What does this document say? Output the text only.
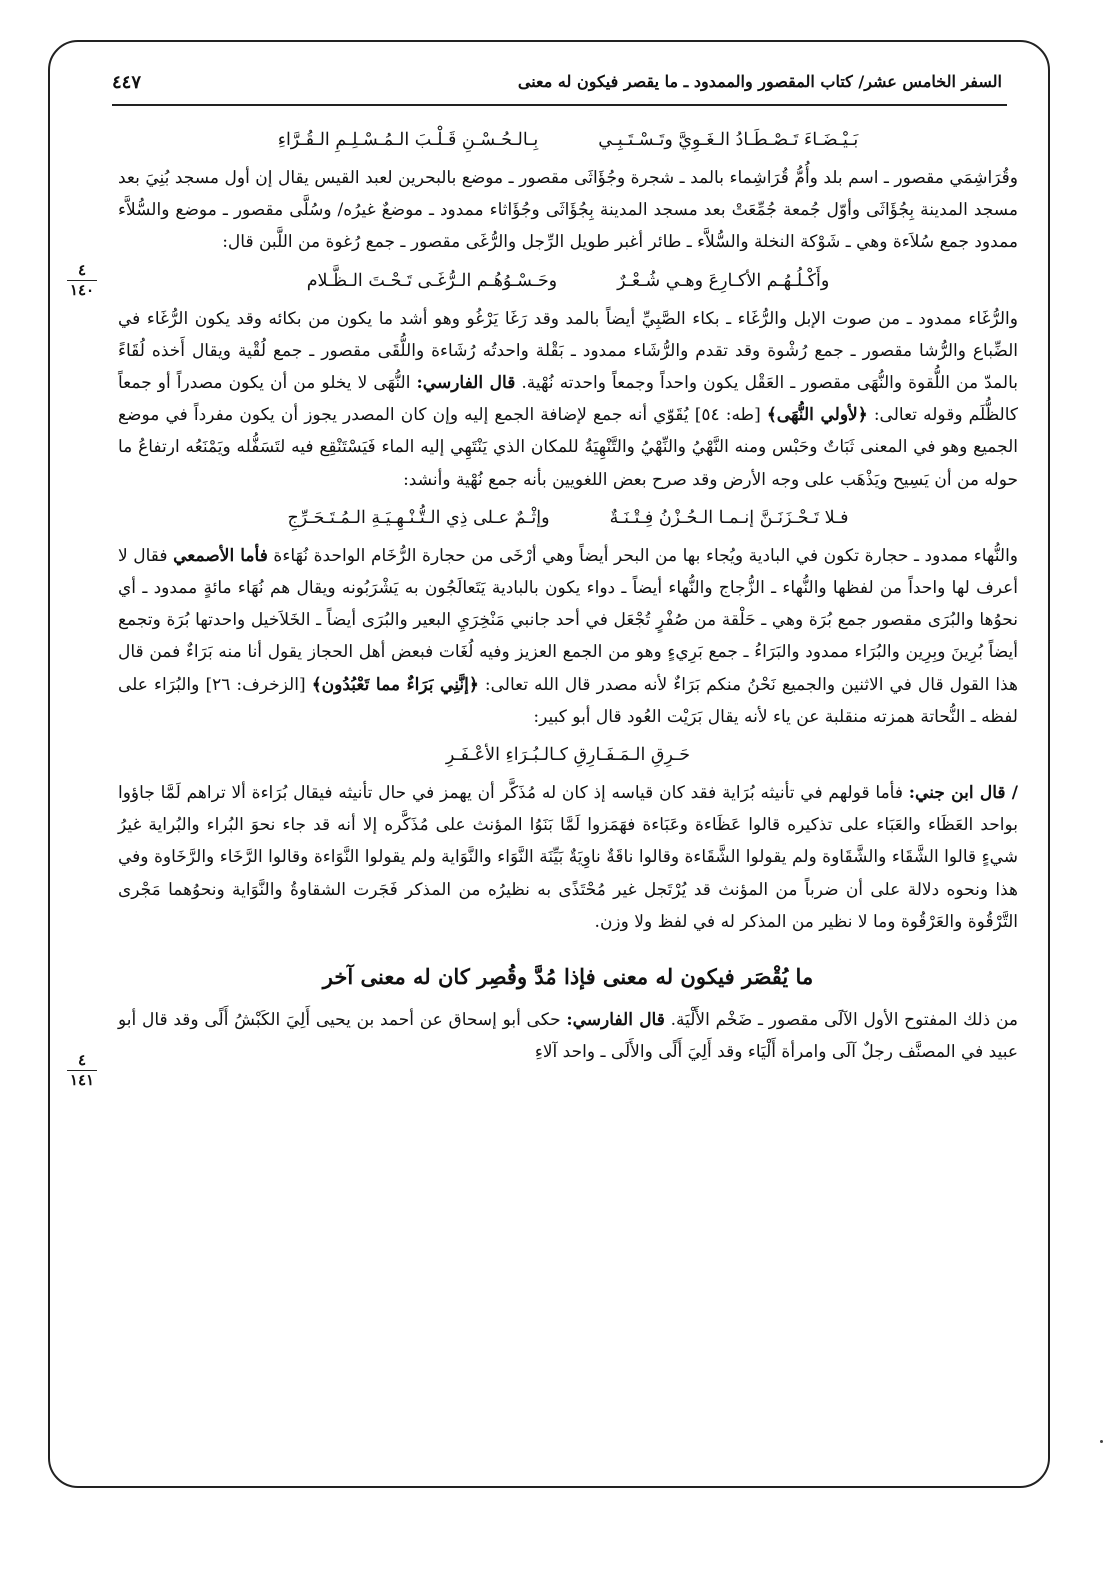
السفر الخامس عشر/ كتاب المقصور والممدود ـ ما يقصر فيكون له معنى
٤٤٧
٤
١٤٠
٤
١٤١
بَـيْـضَـاءَ تَـصْـطَـادُ الـغَـوِيَّ وتَـسْـتَـبِـي
بِـالـحُـسْـنِ قَـلْـبَ الـمُـسْـلِـمِ الـقُـرَّاءِ

وقُرَاشِمَي مقصور ـ اسم بلد وأُمُّ قُرَاشِماء بالمد ـ شجرة وجُؤَاثَى مقصور ـ موضع بالبحرين لعبد القيس يقال إن أول مسجد بُنِيَ بعد مسجد المدينة بِجُؤَاثَى وأوّل جُمعة جُمِّعَتْ بعد مسجد المدينة بِجُؤَاثَى وجُؤَاثاء ممدود ـ موضعٌ غيرُه/ وسُلَّى مقصور ـ موضع والسُّلاَّء ممدود جمع سُلاَءة وهي ـ شَوْكة النخلة والسُّلاَّء ـ طائر أغبر طويل الرِّجل والرُّغَى مقصور ـ جمع رُغوة من اللَّبن قال:

وأَكْـلُـهُـم الأكـارِعَ وهـي شُـعْـرٌ
وحَـسْـوُهُـم الـرُّغَـى تَـحْـتَ الـظَّـلام

والرُّغَاء ممدود ـ من صوت الإبل والرُّغَاء ـ بكاء الصَّبِيِّ أيضاً بالمد وقد رَغَا يَرْغُو وهو أشد ما يكون من بكائه وقد يكون الرُّغَاء في الضِّباع والرُّشا مقصور ـ جمع رُشْوة وقد تقدم والرُّشَاء ممدود ـ بَقْلة واحدتُه رُشَاءة واللُّقَى مقصور ـ جمع لُقْية ويقال أَخذه لُقَاءً بالمدّ من اللُّقوة والنُّهَى مقصور ـ العَقْل يكون واحداً وجمعاً واحدته نُهْية. قال الفارسي: النُّهَى لا يخلو من أن يكون مصدراً أو جمعاً كالظُّلَم وقوله تعالى: ﴿لأولي النُّهَى﴾ [طه: ٥٤] يُقَوّي أنه جمع لإضافة الجمع إليه وإن كان المصدر يجوز أن يكون مفرداً في موضع الجميع وهو في المعنى ثَبَاتٌ وحَبْس ومنه النَّهْيُ والنِّهْيُ والتَّنْهِيَةُ للمكان الذي يَنْتَهِي إليه الماء فَيَسْتَنْقِع فيه لتَسَفُّله ويَمْنَعُه ارتفاعُ ما حوله من أن يَسِيح ويَذْهَب على وجه الأرض وقد صرح بعض اللغويين بأنه جمع نُهْية وأنشد:

فـلا تَـحْـزَنَـنَّ إنـمـا الـحُـزْنُ فِـتْـنَـةٌ
وإثْـمٌ عـلى ذِي الـتُّـنْـهِـيَـةِ الـمُـتَـحَـرِّجِ

والنُّهاء ممدود ـ حجارة تكون في البادية ويُجاء بها من البحر أيضاً وهي أرْخَى من حجارة الرُّخَام الواحدة نُهَاءة فأما الأصمعي فقال لا أعرف لها واحداً من لفظها والنُّهاء ـ الزُّجاج والنُّهاء أيضاً ـ دواء يكون بالبادية يَتَعالَجُون به يَشْرَبُونه ويقال هم نُهَاء مائةٍ ممدود ـ أي نحوُها والبُرَى مقصور جمع بُرَة وهي ـ حَلْقة من صُفْرٍ تُجْعَل في أحد جانبي مَنْخِرَيِ البعير والبُرَى أيضاً ـ الخَلاَخيل واحدتها بُرَة وتجمع أيضاً بُرِينَ وبِرِين والبُرَاء ممدود والبَرَاءُ ـ جمع بَرِيءٍ وهو من الجمع العزيز وفيه لُغَات فبعض أهل الحجاز يقول أنا منه بَرَاءٌ فمن قال هذا القول قال في الاثنين والجميع نَحْنُ منكم بَرَاءٌ لأنه مصدر قال الله تعالى: ﴿إنَّنِي بَرَاءٌ مما تَعْبُدُون﴾ [الزخرف: ٢٦] والبُرَاء على لفظه ـ النُّحاتة همزته منقلبة عن ياء لأنه يقال بَرَيْت العُود قال أبو كبير:

حَـرِقِ الـمَـفَـارِقِ كـالـبُـرَاءِ الأعْـفَـرِ

/ قال ابن جني: فأما قولهم في تأنيثه بُرَاية فقد كان قياسه إذ كان له مُذَكَّر أن يهمز في حال تأنيثه فيقال بُرَاءة ألا تراهم لَمَّا جاؤوا بواحد العَظَاء والعَبَاء على تذكيره قالوا عَظَاءة وعَبَاءة فهَمَزوا لَمَّا بَنَوُا المؤنث على مُذَكَّره إلا أنه قد جاء نحوَ البُراء والبُراية غيرُ شيءٍ قالوا الشَّقَاء والشَّقَاوة ولم يقولوا الشَّقَاءة وقالوا ناقَةٌ ناوِيَةٌ بَيِّنَة النَّوَاء والنَّوَاية ولم يقولوا النَّوَاءة وقالوا الرَّخَاء والرَّخَاوة وفي هذا ونحوه دلالة على أن ضرباً من المؤنث قد يُرْتَجل غير مُحْتَذًى به نظيرُه من المذكر فَجَرت الشقاوةُ والنَّوَاية ونحوُهما مَجْرى التَّرْقُوة والعَرْقُوة وما لا نظير من المذكر له في لفظ ولا وزن.

ما يُقْصَر فيكون له معنى فإذا مُدَّ وقُصِر كان له معنى آخر

من ذلك المفتوح الأول الآلَى مقصور ـ ضَخْم الأَلْيَة. قال الفارسي: حكى أبو إسحاق عن أحمد بن يحيى أَلِيَ الكَبْشُ أَلًى وقد قال أبو عبيد في المصنَّف رجلٌ آلَى وامرأة أَلْيَاء وقد أَلِيَ أَلًى والأَلَى ـ واحد آلاءِ
